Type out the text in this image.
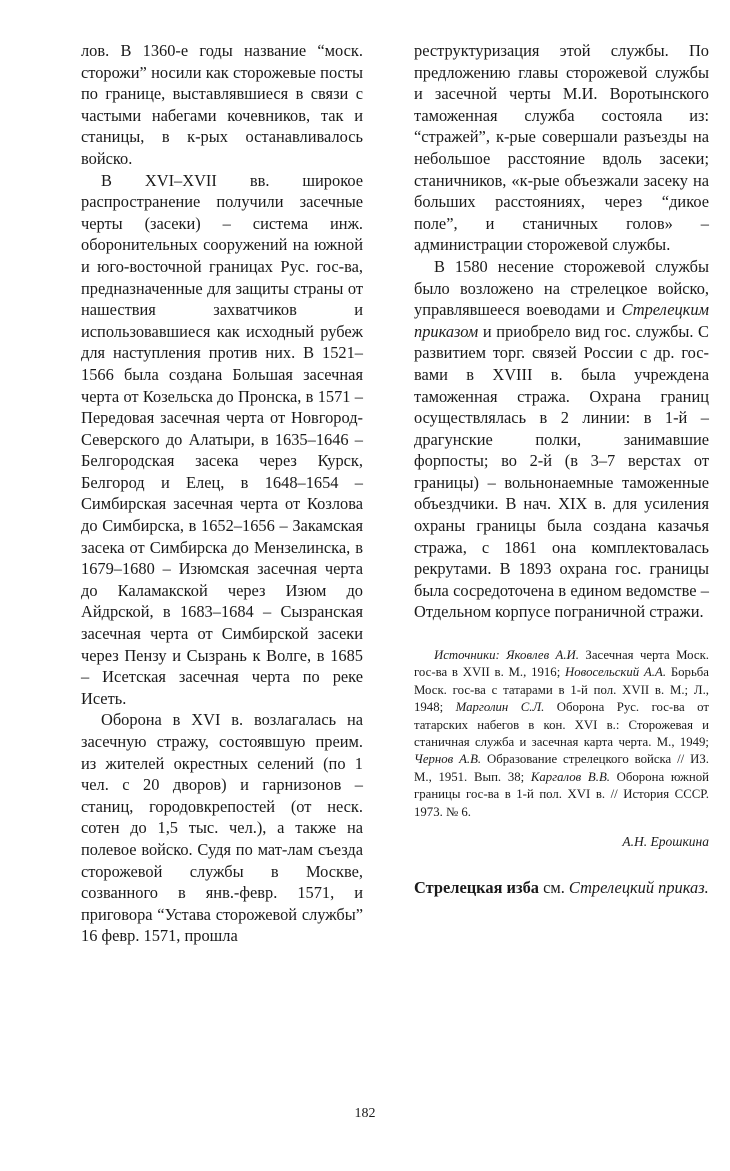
лов. В 1360-е годы название “моск. сторожи” носили как сторожевые посты по границе, выставлявшиеся в связи с частыми набегами кочевников, так и станицы, в к-рых останавливалось войско.

В XVI–XVII вв. широкое распространение получили засечные черты (засеки) – система инж. оборонительных сооружений на южной и юго-восточной границах Рус. гос-ва, предназначенные для защиты страны от нашествия захватчиков и использовавшиеся как исходный рубеж для наступления против них. В 1521–1566 была создана Большая засечная черта от Козельска до Пронска, в 1571 – Передовая засечная черта от Новгород-Северского до Алатыри, в 1635–1646 – Белгородская засека через Курск, Белгород и Елец, в 1648–1654 – Симбирская засечная черта от Козлова до Симбирска, в 1652–1656 – Закамская засека от Симбирска до Мензелинска, в 1679–1680 – Изюмская засечная черта до Каламакской через Изюм до Айдрской, в 1683–1684 – Сызранская засечная черта от Симбирской засеки через Пензу и Сызрань к Волге, в 1685 – Исетская засечная черта по реке Исеть.

Оборона в XVI в. возлагалась на засечную стражу, состоявшую преим. из жителей окрестных селений (по 1 чел. с 20 дворов) и гарнизонов – станиц, городовкрепостей (от неск. сотен до 1,5 тыс. чел.), а также на полевое войско. Судя по мат-лам съезда сторожевой службы в Москве, созванного в янв.-февр. 1571, и приговора “Устава сторожевой службы” 16 февр. 1571, прошла

реструктуризация этой службы. По предложению главы сторожевой службы и засечной черты М.И. Воротынского таможенная служба состояла из: “стражей”, к-рые совершали разъезды на небольшое расстояние вдоль засеки; станичников, «к-рые объезжали засеку на больших расстояниях, через “дикое поле”, и станичных голов» – администрации сторожевой службы.

В 1580 несение сторожевой службы было возложено на стрелецкое войско, управлявшееся воеводами и Стрелецким приказом и приобрело вид гос. службы. С развитием торг. связей России с др. гос-вами в XVIII в. была учреждена таможенная стража. Охрана границ осуществлялась в 2 линии: в 1-й – драгунские полки, занимавшие форпосты; во 2-й (в 3–7 верстах от границы) – вольнонаемные таможенные объездчики. В нач. XIX в. для усиления охраны границы была создана казачья стража, с 1861 она комплектовалась рекрутами. В 1893 охрана гос. границы была сосредоточена в едином ведомстве – Отдельном корпусе пограничной стражи.

Источники: Яковлев А.И. Засечная черта Моск. гос-ва в XVII в. М., 1916; Новосельский А.А. Борьба Моск. гос-ва с татарами в 1-й пол. XVII в. М.; Л., 1948; Марголин С.Л. Оборона Рус. гос-ва от татарских набегов в кон. XVI в.: Сторожевая и станичная служба и засечная карта черта. М., 1949; Чернов А.В. Образование стрелецкого войска // ИЗ. М., 1951. Вып. 38; Каргалов В.В. Оборона южной границы гос-ва в 1-й пол. XVI в. // История СССР. 1973. № 6.

А.Н. Ерошкина

Стрелецкая изба см. Стрелецкий приказ.

182
